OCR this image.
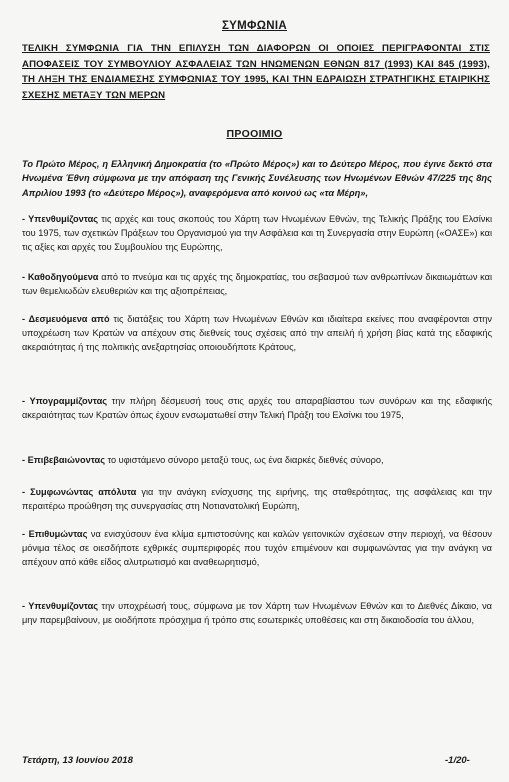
ΣΥΜΦΩΝΙΑ
ΤΕΛΙΚΗ ΣΥΜΦΩΝΙΑ ΓΙΑ ΤΗΝ ΕΠΙΛΥΣΗ ΤΩΝ ΔΙΑΦΟΡΩΝ ΟΙ ΟΠΟΙΕΣ ΠΕΡΙΓΡΑΦΟΝΤΑΙ ΣΤΙΣ ΑΠΟΦΑΣΕΙΣ ΤΟΥ ΣΥΜΒΟΥΛΙΟΥ ΑΣΦΑΛΕΙΑΣ ΤΩΝ ΗΝΩΜΕΝΩΝ ΕΘΝΩΝ 817 (1993) ΚΑΙ 845 (1993), ΤΗ ΛΗΞΗ ΤΗΣ ΕΝΔΙΑΜΕΣΗΣ ΣΥΜΦΩΝΙΑΣ ΤΟΥ 1995, ΚΑΙ ΤΗΝ ΕΔΡΑΙΩΣΗ ΣΤΡΑΤΗΓΙΚΗΣ ΕΤΑΙΡΙΚΗΣ ΣΧΕΣΗΣ ΜΕΤΑΞΥ ΤΩΝ ΜΕΡΩΝ
ΠΡΟΟΙΜΙΟ
Το Πρώτο Μέρος, η Ελληνική Δημοκρατία (το «Πρώτο Μέρος») και το Δεύτερο Μέρος, που έγινε δεκτό στα Ηνωμένα Έθνη σύμφωνα με την απόφαση της Γενικής Συνέλευσης των Ηνωμένων Εθνών 47/225 της 8ης Απριλίου 1993 (το «Δεύτερο Μέρος»), αναφερόμενα από κοινού ως «τα Μέρη»,
- Υπενθυμίζοντας τις αρχές και τους σκοπούς του Χάρτη των Ηνωμένων Εθνών, της Τελικής Πράξης του Ελσίνκι του 1975, των σχετικών Πράξεων του Οργανισμού για την Ασφάλεια και τη Συνεργασία στην Ευρώπη («ΟΑΣΕ») και τις αξίες και αρχές του Συμβουλίου της Ευρώπης,
- Καθοδηγούμενα από το πνεύμα και τις αρχές της δημοκρατίας, του σεβασμού των ανθρωπίνων δικαιωμάτων και των θεμελιωδών ελευθεριών και της αξιοπρέπειας,
- Δεσμευόμενα από τις διατάξεις του Χάρτη των Ηνωμένων Εθνών και ιδιαίτερα εκείνες που αναφέρονται στην υποχρέωση των Κρατών να απέχουν στις διεθνείς τους σχέσεις από την απειλή ή χρήση βίας κατά της εδαφικής ακεραιότητας ή της πολιτικής ανεξαρτησίας οποιουδήποτε Κράτους,
- Υπογραμμίζοντας την πλήρη δέσμευσή τους στις αρχές του απαραβίαστου των συνόρων και της εδαφικής ακεραιότητας των Κρατών όπως έχουν ενσωματωθεί στην Τελική Πράξη του Ελσίνκι του 1975,
- Επιβεβαιώνοντας το υφιστάμενο σύνορο μεταξύ τους, ως ένα διαρκές διεθνές σύνορο,
- Συμφωνώντας απόλυτα για την ανάγκη ενίσχυσης της ειρήνης, της σταθερότητας, της ασφάλειας και την περαιτέρω προώθηση της συνεργασίας στη Νοτιανατολική Ευρώπη,
- Επιθυμώντας να ενισχύσουν ένα κλίμα εμπιστοσύνης και καλών γειτονικών σχέσεων στην περιοχή, να θέσουν μόνιμα τέλος σε οιεσδήποτε εχθρικές συμπεριφορές που τυχόν επιμένουν και συμφωνώντας για την ανάγκη να απέχουν από κάθε είδος αλυτρωτισμό και αναθεωρητισμό,
- Υπενθυμίζοντας την υποχρέωσή τους, σύμφωνα με τον Χάρτη των Ηνωμένων Εθνών και το Διεθνές Δίκαιο, να μην παρεμβαίνουν, με οιοδήποτε πρόσχημα ή τρόπο στις εσωτερικές υποθέσεις και στη δικαιοδοσία του άλλου,
Τετάρτη, 13 Ιουνίου 2018	-1/20-
